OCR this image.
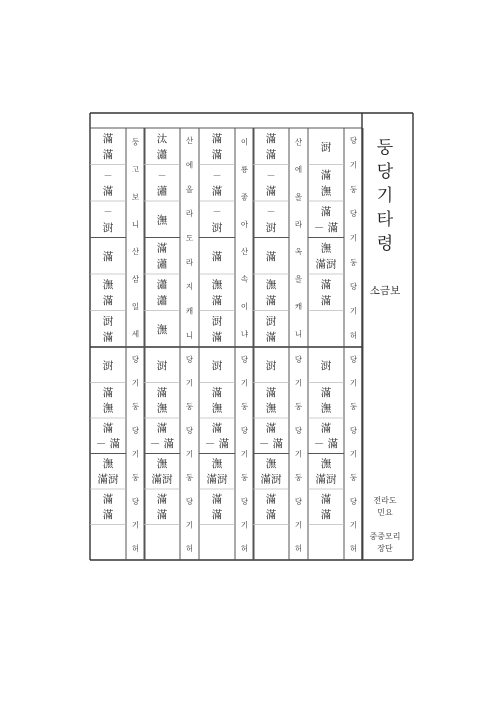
滿
滿
－
滿
－
㴻
滿
潕
滿
㴻
滿
둥
고
보
니
산
삼
일
세
汰
瀟
－
瀟
潕
滿
瀟
瀟
瀟
潕
산
에
올
라
도
라
지
캐
니
滿
滿
－
滿
－
㴻
滿
潕
滿
㴻
滿
이
룡
좋
아
산
속
이
냐
滿
滿
－
滿
－
㴻
滿
潕
滿
㴻
滿
산
에
올
라
옥
을
캐
니
㴻
滿
潕
滿
－ 滿
潕
滿㴻
滿
滿
당
기
둥
당
기
둥
당
기
허
㴻
滿
潕
滿
－ 滿
潕
滿㴻
滿
滿
당
기
둥
당
기
둥
당
기
허
㴻
滿
潕
滿
－ 滿
潕
滿㴻
滿
滿
당
기
둥
당
기
둥
당
기
허
㴻
滿
潕
滿
－ 滿
潕
滿㴻
滿
滿
당
기
둥
당
기
둥
당
기
허
㴻
滿
潕
滿
－ 滿
潕
滿㴻
滿
滿
당
기
둥
당
기
둥
당
기
허
㴻
滿
潕
滿
－ 滿
潕
滿㴻
滿
滿
당
기
둥
당
기
둥
당
기
허
둥
당
기
타
령
소금보
전라도
민요
중중모리
장단
